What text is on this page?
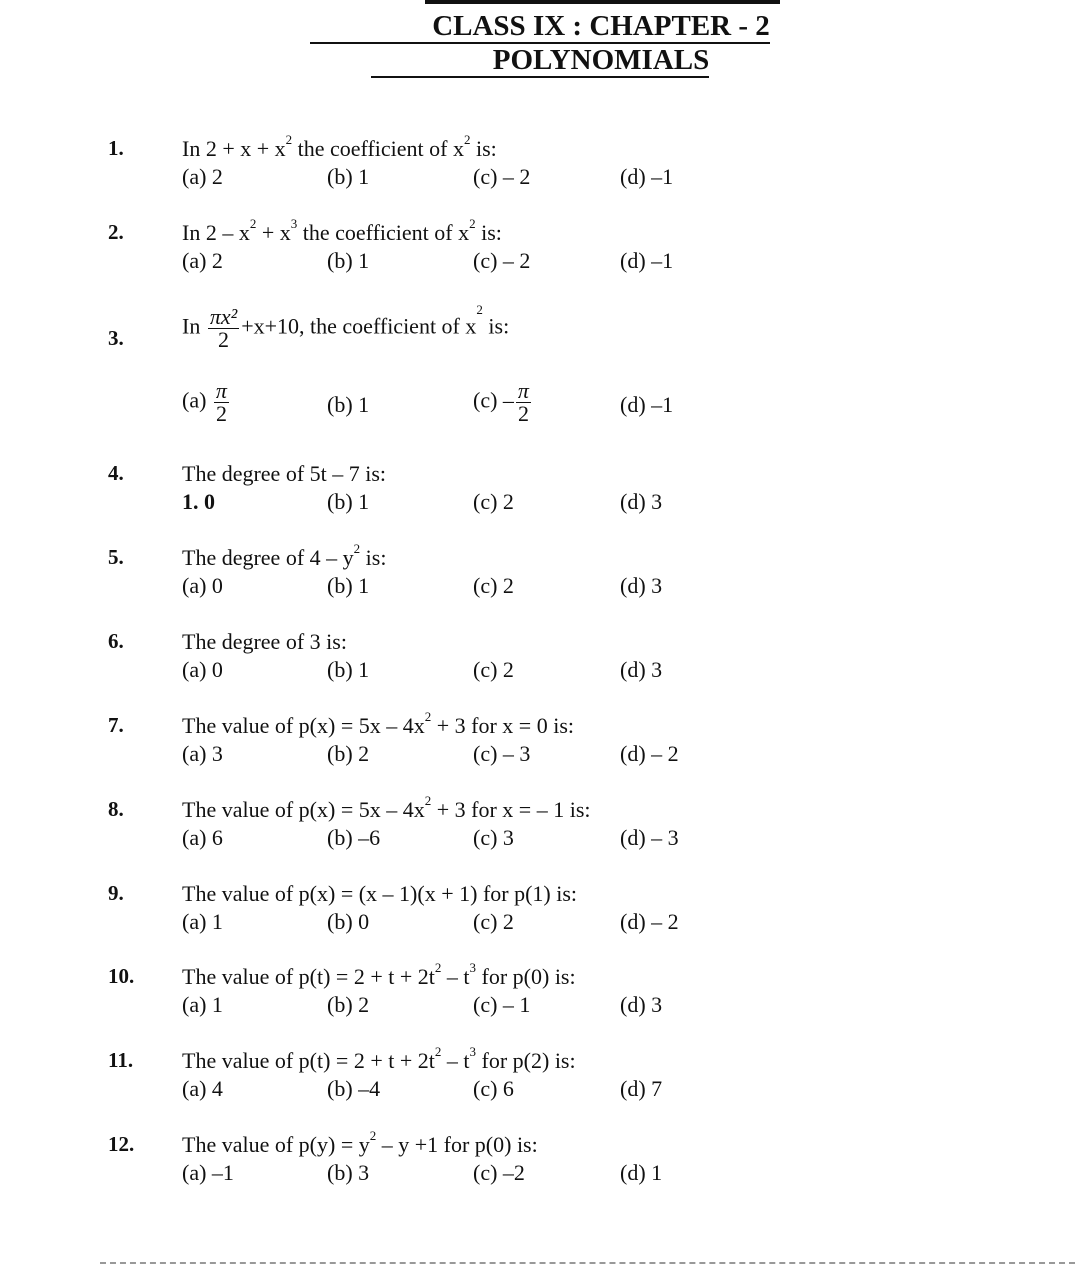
CLASS IX : CHAPTER - 2
POLYNOMIALS
1.	In $2 + x + x^2$ the coefficient of $x^2$ is:
(a) 2	(b) 1	(c) – 2	(d) –1
2.	In $2 - x^2 + x^3$ the coefficient of $x^2$ is:
(a) 2	(b) 1	(c) – 2	(d) –1
3.	In $\frac{\text{πx²}}{2} +x+10$, the coefficient of $x^2$ is:
$(a) \frac{\pi}{2}$	(b) 1	$(c) - \frac{\pi}{2}$	(d) –1
4.	The degree of 5t – 7 is:
1. 0	(b) 1	(c) 2	(d) 3
5.	The degree of $4 - y^2$ is:
(a) 0	(b) 1	(c) 2	(d) 3
6.	The degree of 3 is:
(a) 0	(b) 1	(c) 2	(d) 3
7.	The value of $p(x) = 5x - 4x^2 + 3$ for x = 0 is:
(a) 3	(b) 2	(c) – 3	(d) – 2
8.	The value of $p(x) = 5x - 4x^2 + 3$ for x = – 1 is:
(a) 6	(b) –6	(c) 3	(d) – 3
9.	The value of p(x) = (x – 1)(x + 1) for p(1) is:
(a) 1	(b) 0	(c) 2	(d) – 2
10. The value of $p(t) = 2 + t + 2t^2 - t^3$ for p(0) is:
(a) 1	(b) 2	(c) – 1	(d) 3
11. The value of $p(t) = 2 + t + 2t^2 - t^3$ for p(2) is:
(a) 4	(b) –4	(c) 6	(d) 7
12. The value of $p(y) = y^2 - y +1$ for p(0) is:
(a) –1	(b) 3	(c) –2	(d) 1
